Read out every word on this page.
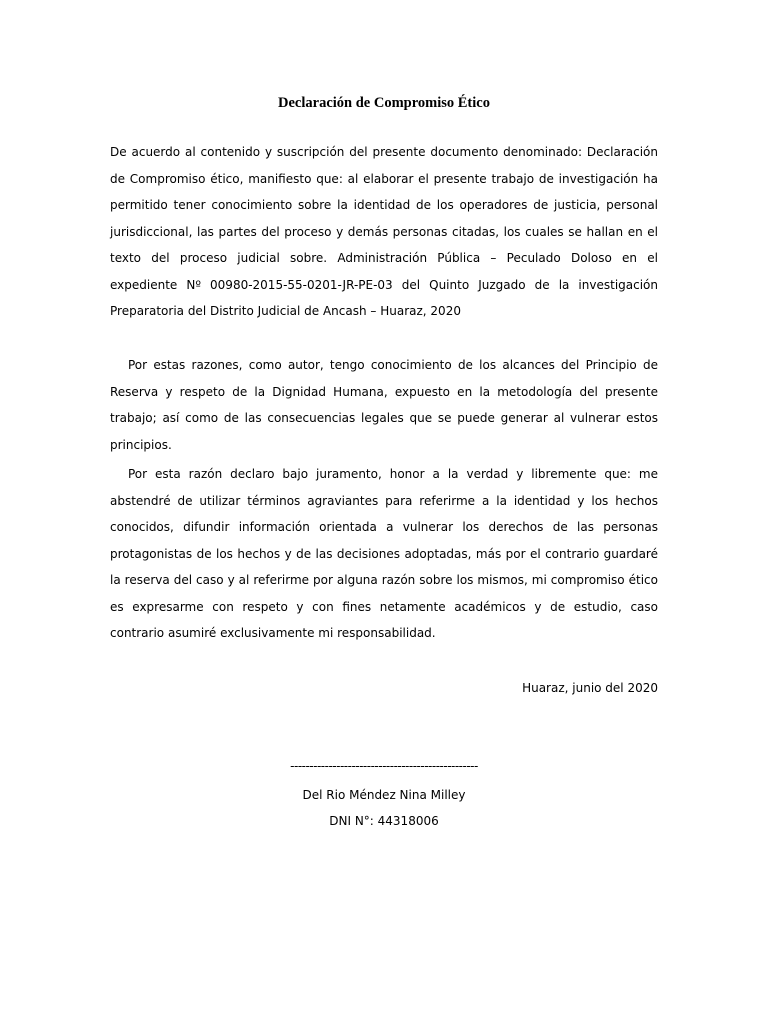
Declaración de Compromiso Ético

De acuerdo al contenido y suscripción del presente documento denominado: Declaración de Compromiso ético, manifiesto que: al elaborar el presente trabajo de investigación ha permitido tener conocimiento sobre la identidad de los operadores de justicia, personal jurisdiccional, las partes del proceso y demás personas citadas, los cuales se hallan en el texto del proceso judicial sobre. Administración Pública – Peculado Doloso en el expediente Nº 00980-2015-55-0201-JR-PE-03 del Quinto Juzgado de la investigación Preparatoria del Distrito Judicial de Ancash – Huaraz, 2020

Por estas razones, como autor, tengo conocimiento de los alcances del Principio de Reserva y respeto de la Dignidad Humana, expuesto en la metodología del presente trabajo; así como de las consecuencias legales que se puede generar al vulnerar estos principios.

Por esta razón declaro bajo juramento, honor a la verdad y libremente que: me abstendré de utilizar términos agraviantes para referirme a la identidad y los hechos conocidos, difundir información orientada a vulnerar los derechos de las personas protagonistas de los hechos y de las decisiones adoptadas, más por el contrario guardaré la reserva del caso y al referirme por alguna razón sobre los mismos, mi compromiso ético es expresarme con respeto y con fines netamente académicos y de estudio, caso contrario asumiré exclusivamente mi responsabilidad.

Huaraz, junio del 2020
-------------------------------------------------
Del Rio Méndez Nina Milley
DNI N°: 44318006
